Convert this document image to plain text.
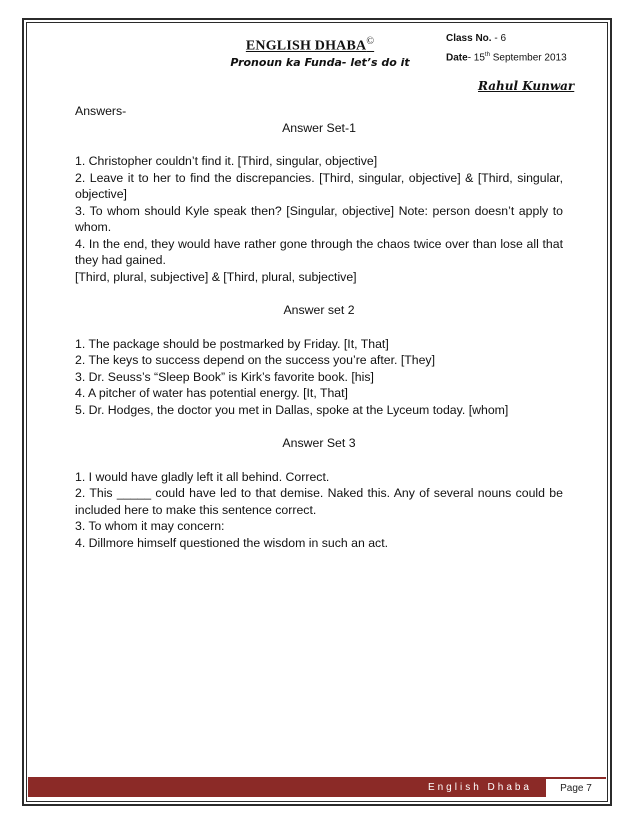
ENGLISH DHABA©
Pronoun ka Funda- let’s do it
Class No. - 6
Date- 15th September 2013
Rahul Kunwar

Answers-

Answer Set-1

1. Christopher couldn’t find it. [Third, singular, objective]

2. Leave it to her to find the discrepancies. [Third, singular, objective] & [Third, singular, objective]

3. To whom should Kyle speak then? [Singular, objective] Note: person doesn’t apply to whom.

4. In the end, they would have rather gone through the chaos twice over than lose all that they had gained.

[Third, plural, subjective] & [Third, plural, subjective]

Answer set 2

1. The package should be postmarked by Friday. [It, That]

2. The keys to success depend on the success you’re after. [They]

3. Dr. Seuss’s “Sleep Book” is Kirk’s favorite book. [his]

4. A pitcher of water has potential energy. [It, That]

5. Dr. Hodges, the doctor you met in Dallas, spoke at the Lyceum today. [whom]

Answer Set 3

1. I would have gladly left it all behind. Correct.

2. This _____ could have led to that demise. Naked this. Any of several nouns could be included here to make this sentence correct.

3. To whom it may concern:

4. Dillmore himself questioned the wisdom in such an act.

English Dhaba	Page 7
